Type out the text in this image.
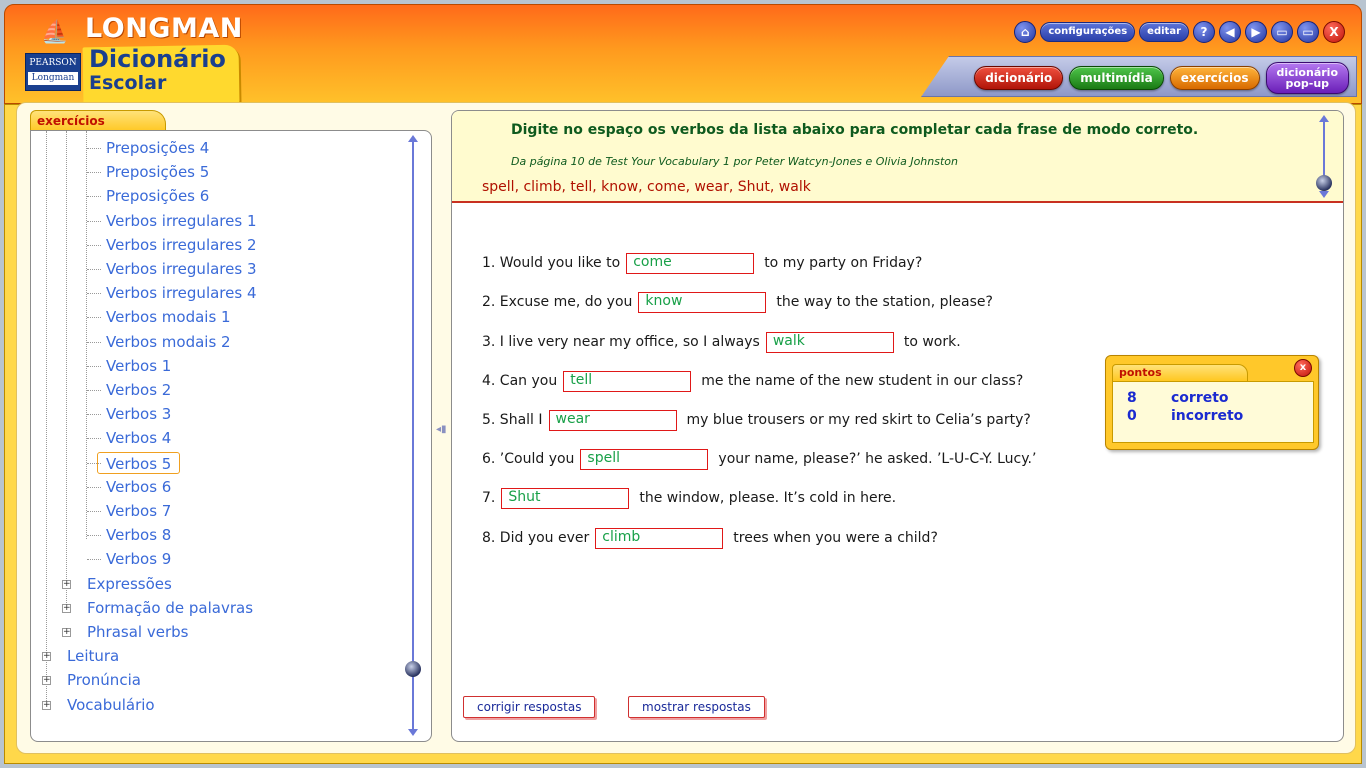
⛵
PEARSON
Longman
LONGMAN
Dicionário
Escolar
⌂	configurações	editar	?	◀	▶	▭	▭	X
dicionário	multimídia	exercícios	dicionário
pop-up
exercícios
Preposições 4
Preposições 5
Preposições 6
Verbos irregulares 1
Verbos irregulares 2
Verbos irregulares 3
Verbos irregulares 4
Verbos modais 1
Verbos modais 2
Verbos 1
Verbos 2
Verbos 3
Verbos 4
Verbos 5
Verbos 6
Verbos 7
Verbos 8
Verbos 9
+ Expressões
+ Formação de palavras
+ Phrasal verbs
+ Leitura
+ Pronúncia
+ Vocabulário
◂▮
Digite no espaço os verbos da lista abaixo para completar cada frase de modo correto.
Da página 10 de Test Your Vocabulary 1 por Peter Watcyn-Jones e Olivia Johnston
spell, climb, tell, know, come, wear, Shut, walk
1. Would you like to come	to my party on Friday?
2. Excuse me, do you know	the way to the station, please?
3. I live very near my office, so I always walk	to work.
4. Can you tell	me the name of the new student in our class?
5. Shall I wear	my blue trousers or my red skirt to Celia’s party?
6. ’Could you spell	your name, please?’ he asked. ’L-U-C-Y. Lucy.’
7. Shut	the window, please. It’s cold in here.
8. Did you ever climb	trees when you were a child?
corrigir respostas	mostrar respostas
pontos	x
8 correto
0 incorreto
